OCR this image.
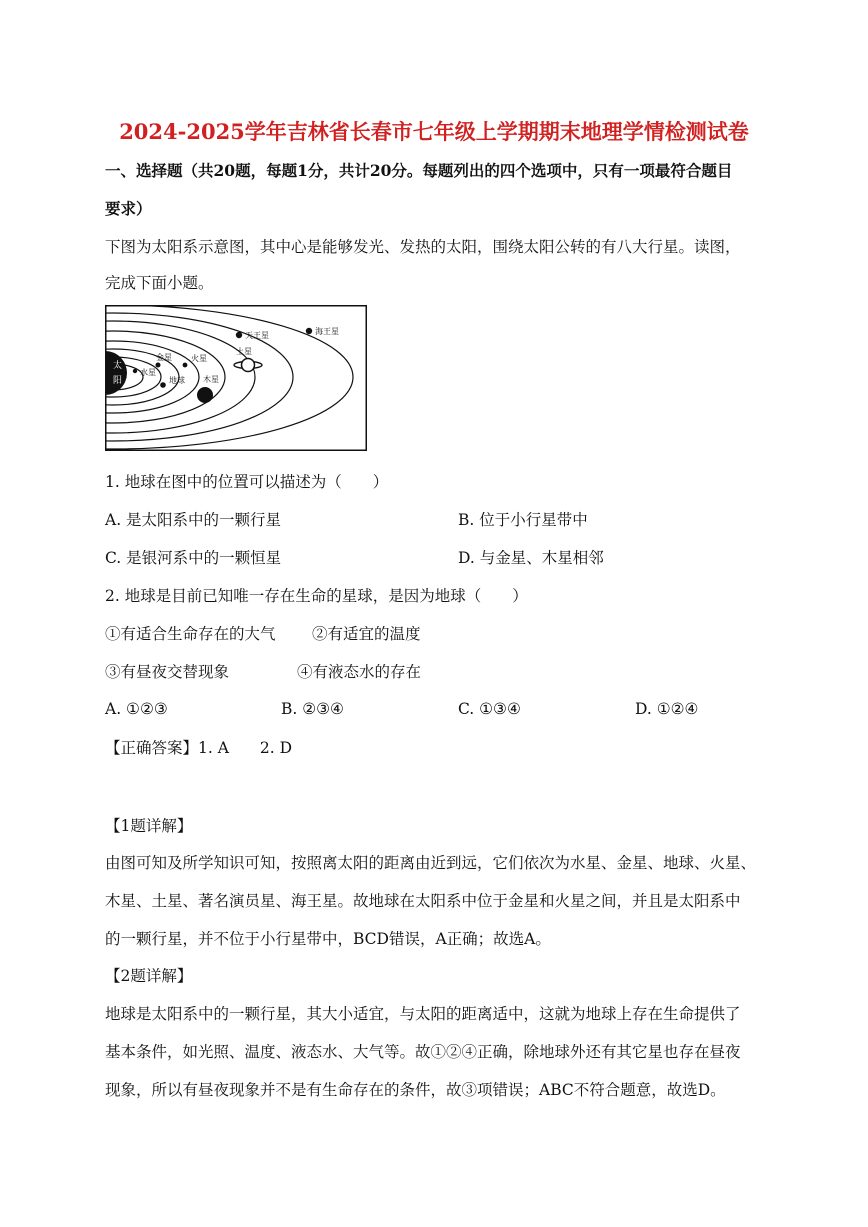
2024-2025学年吉林省长春市七年级上学期期末地理学情检测试卷
一、选择题（共20题，每题1分，共计20分。每题列出的四个选项中，只有一项最符合题目
要求）
下图为太阳系示意图，其中心是能够发光、发热的太阳，围绕太阳公转的有八大行星。读图，
完成下面小题。
太
阳
水星
金星
地球
火星
木星
土星
天王星	海王星
1. 地球在图中的位置可以描述为（　　）
A. 是太阳系中的一颗行星	B. 位于小行星带中
C. 是银河系中的一颗恒星	D. 与金星、木星相邻
2. 地球是目前已知唯一存在生命的星球，是因为地球（　　）
①有适合生命存在的大气 ②有适宜的温度
③有昼夜交替现象	④有液态水的存在
A. ①②③	B. ②③④	C. ①③④	D. ①②④
【正确答案】1. A　　2. D
【1题详解】
由图可知及所学知识可知，按照离太阳的距离由近到远，它们依次为水星、金星、地球、火星、
木星、土星、著名演员星、海王星。故地球在太阳系中位于金星和火星之间，并且是太阳系中
的一颗行星，并不位于小行星带中，BCD错误，A正确；故选A。
【2题详解】
地球是太阳系中的一颗行星，其大小适宜，与太阳的距离适中，这就为地球上存在生命提供了
基本条件，如光照、温度、液态水、大气等。故①②④正确，除地球外还有其它星也存在昼夜
现象，所以有昼夜现象并不是有生命存在的条件，故③项错误；ABC不符合题意，故选D。
